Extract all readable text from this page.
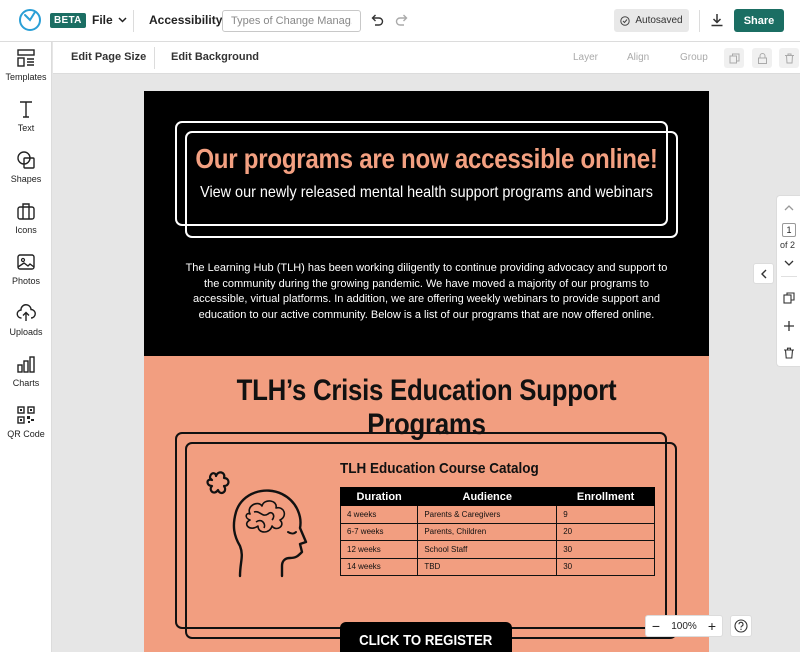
BETA File	Accessibility
Types of Change Manag...	Autosaved	Share
Templates
Text
Shapes
Icons
Photos
Uploads
Charts
QR Code
Edit Page Size Edit Background	Layer	Align	Group
Our programs are now accessible online!
View our newly released mental health support programs and webinars
The Learning Hub (TLH) has been working diligently to continue providing advocacy and support to the community during the growing pandemic. We have moved a majority of our programs to accessible, virtual platforms. In addition, we are offering weekly webinars to provide support and education to our active community. Below is a list of our programs that are now offered online.
TLH’s Crisis Education Support Programs
TLH Education Course Catalog
Duration	Audience	Enrollment
4 weeks	Parents & Caregivers	9
6-7 weeks	Parents, Children	20
12 weeks	School Staff	30
14 weeks	TBD	30
CLICK TO REGISTER
1
of 2
−	100% +
